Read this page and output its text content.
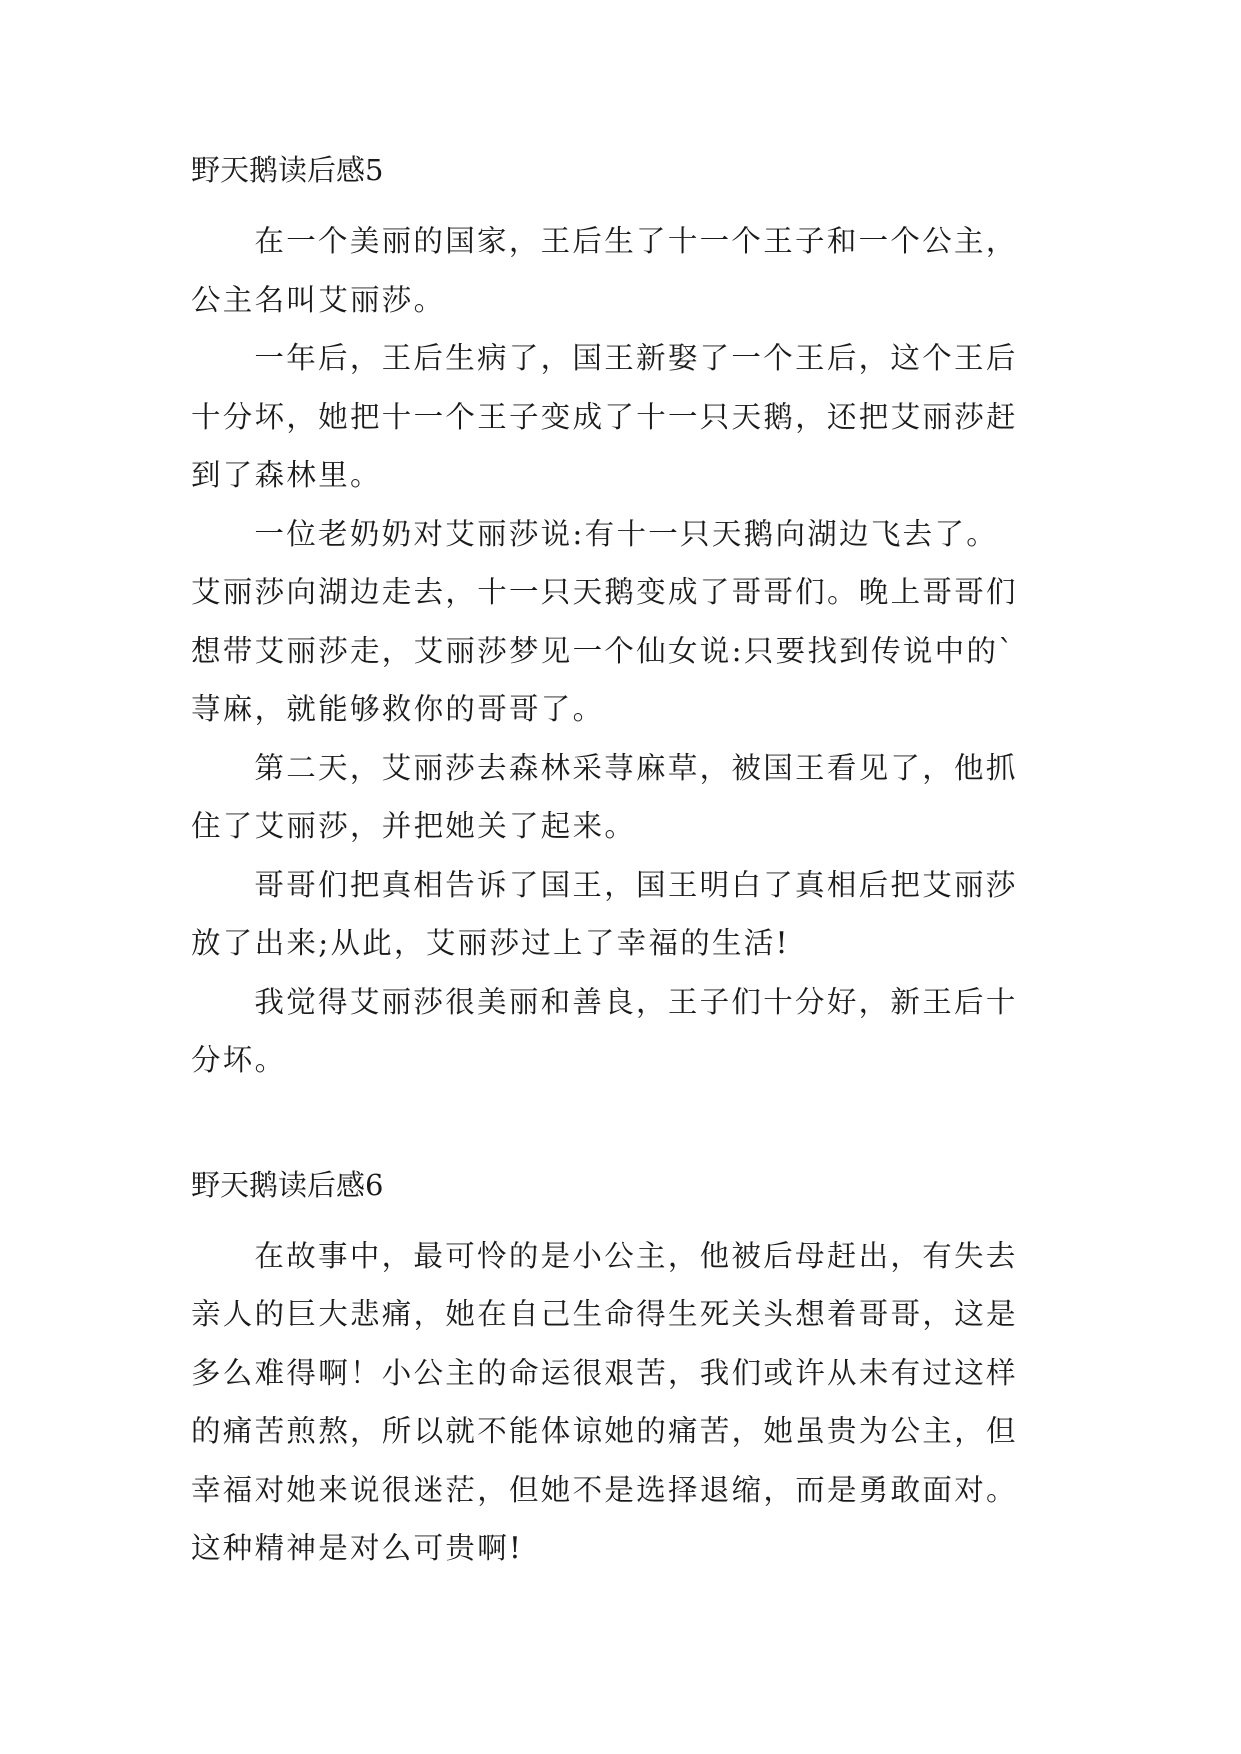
野天鹅读后感5

在一个美丽的国家，王后生了十一个王子和一个公主，
公主名叫艾丽莎。

一年后，王后生病了，国王新娶了一个王后，这个王后
十分坏，她把十一个王子变成了十一只天鹅，还把艾丽莎赶
到了森林里。

一位老奶奶对艾丽莎说:有十一只天鹅向湖边飞去了。
艾丽莎向湖边走去，十一只天鹅变成了哥哥们。晚上哥哥们
想带艾丽莎走，艾丽莎梦见一个仙女说:只要找到传说中的`
荨麻，就能够救你的哥哥了。

第二天，艾丽莎去森林采荨麻草，被国王看见了，他抓
住了艾丽莎，并把她关了起来。

哥哥们把真相告诉了国王，国王明白了真相后把艾丽莎
放了出来;从此，艾丽莎过上了幸福的生活!

我觉得艾丽莎很美丽和善良，王子们十分好，新王后十
分坏。

野天鹅读后感6

在故事中，最可怜的是小公主，他被后母赶出，有失去
亲人的巨大悲痛，她在自己生命得生死关头想着哥哥，这是
多么难得啊！小公主的命运很艰苦，我们或许从未有过这样
的痛苦煎熬，所以就不能体谅她的痛苦，她虽贵为公主，但
幸福对她来说很迷茫，但她不是选择退缩，而是勇敢面对。
这种精神是对么可贵啊!
